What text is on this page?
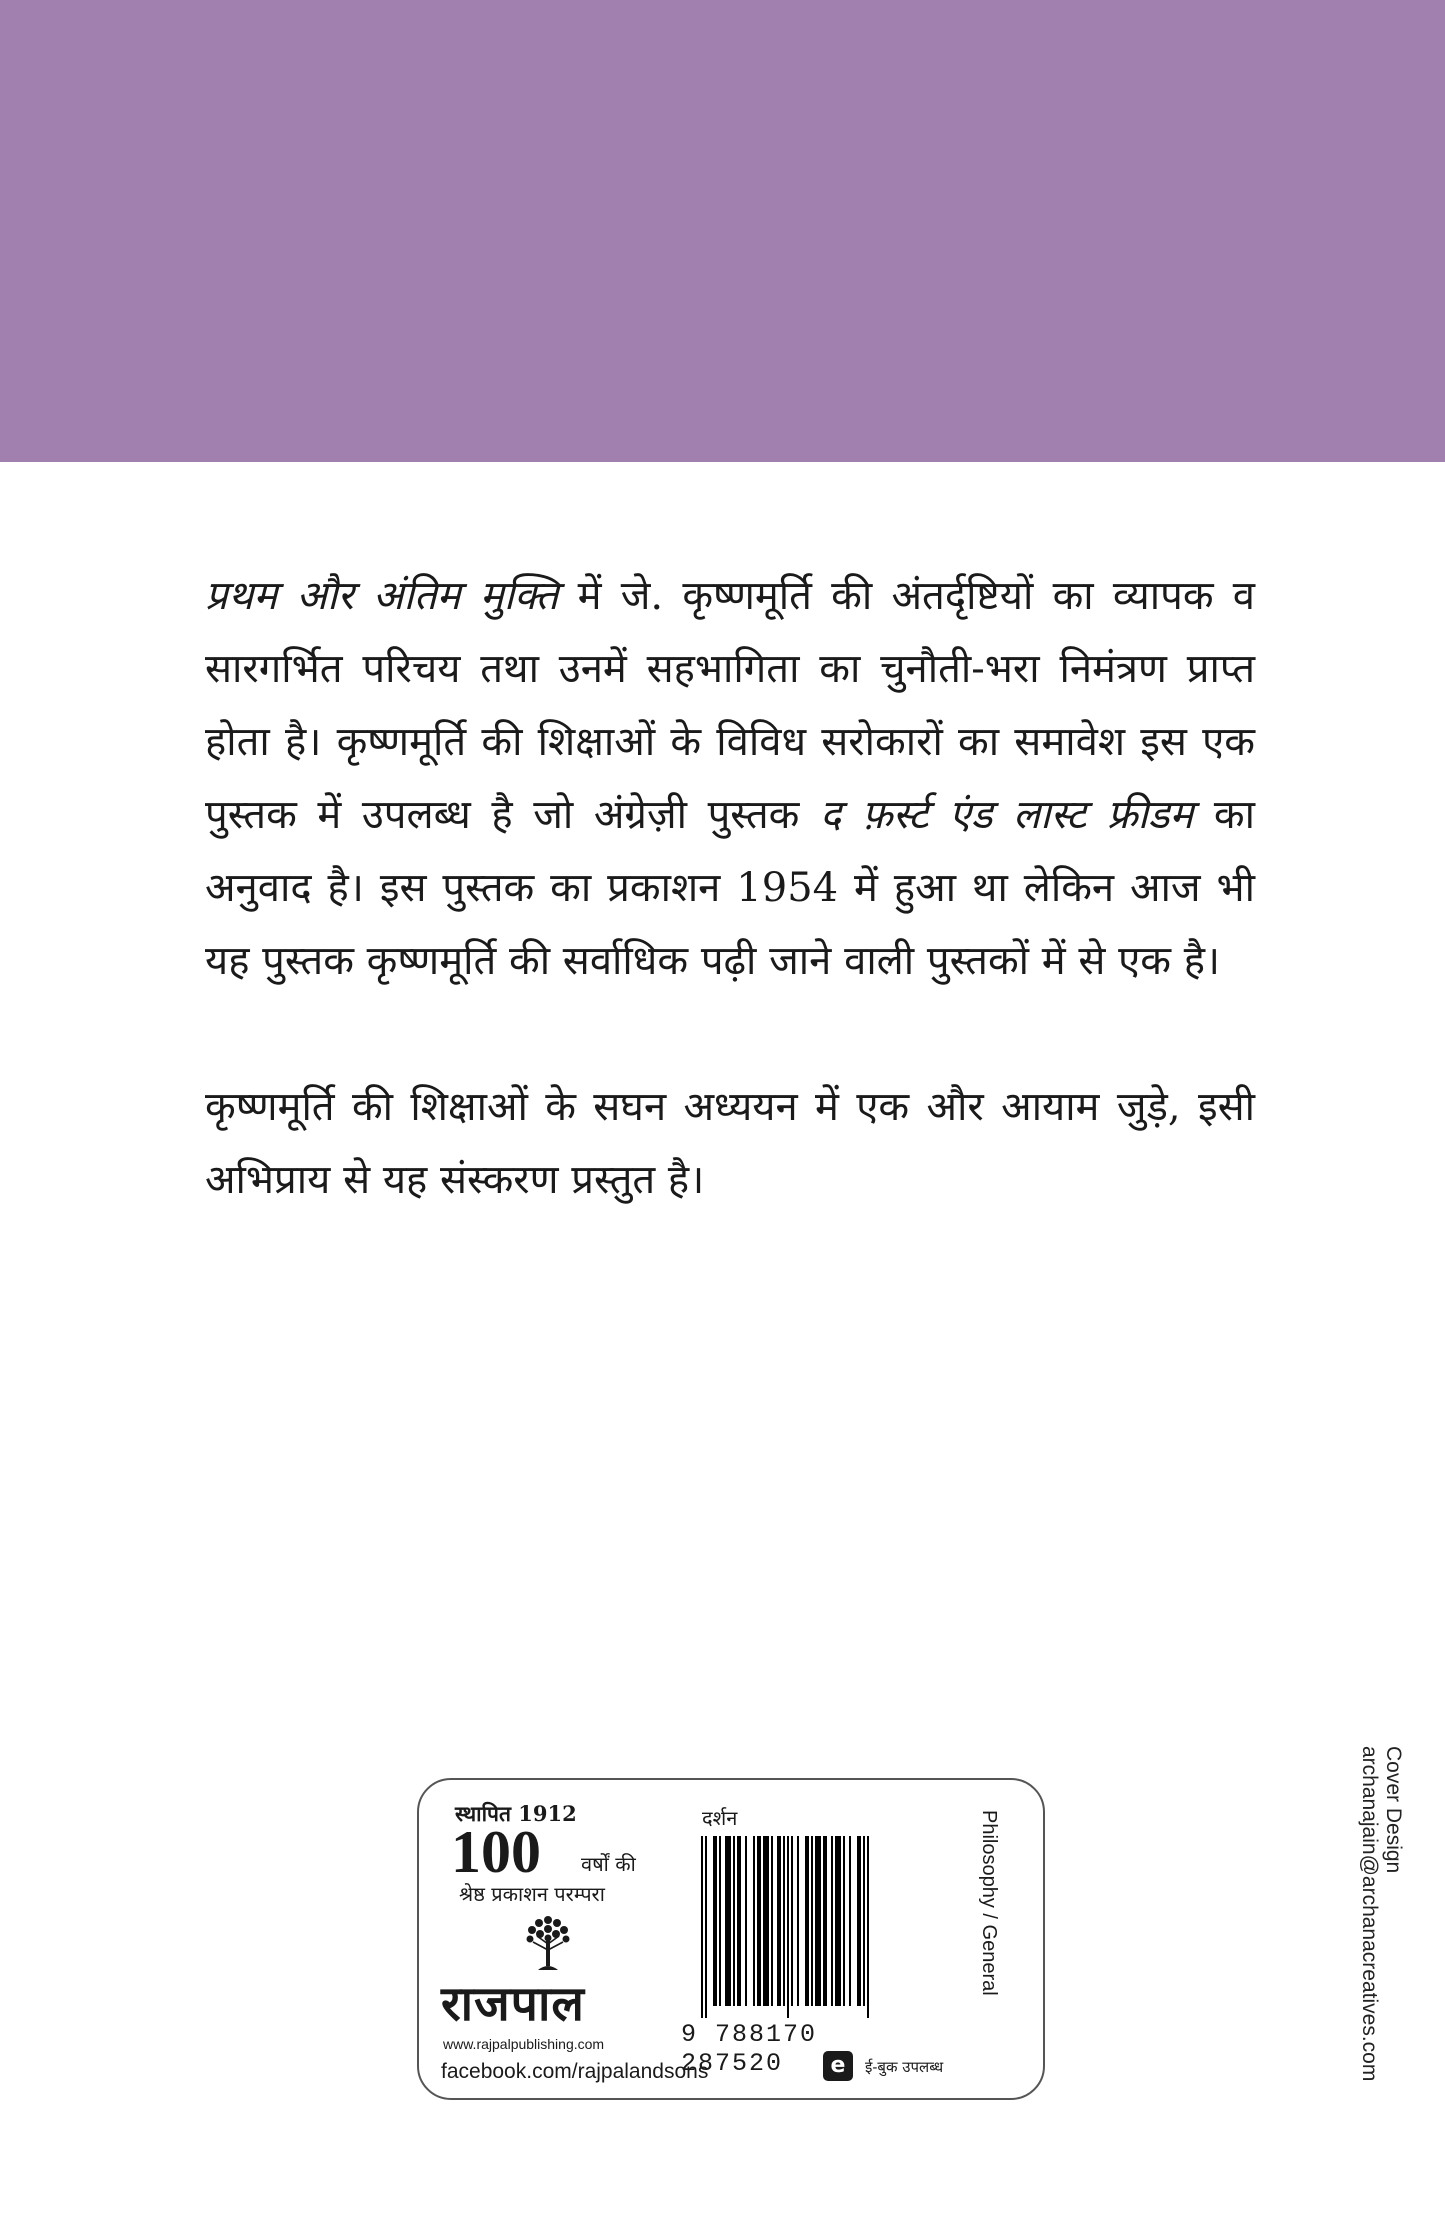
प्रथम और अंतिम मुक्ति में जे. कृष्णमूर्ति की अंतर्दृष्टियों का व्यापक व सारगर्भित परिचय तथा उनमें सहभागिता का चुनौती-भरा निमंत्रण प्राप्त होता है। कृष्णमूर्ति की शिक्षाओं के विविध सरोकारों का समावेश इस एक पुस्तक में उपलब्ध है जो अंग्रेज़ी पुस्तक द फ़र्स्ट एंड लास्ट फ्रीडम का अनुवाद है। इस पुस्तक का प्रकाशन 1954 में हुआ था लेकिन आज भी यह पुस्तक कृष्णमूर्ति की सर्वाधिक पढ़ी जाने वाली पुस्तकों में से एक है।

कृष्णमूर्ति की शिक्षाओं के सघन अध्ययन में एक और आयाम जुड़े, इसी अभिप्राय से यह संस्करण प्रस्तुत है।

Cover Design
archanajain@archanacreatives.com
स्थापित 1912
100 वर्षों की
श्रेष्ठ प्रकाशन परम्परा
राजपाल
www.rajpalpublishing.com
facebook.com/rajpalandsons
दर्शन
9 788170 287520	e	ई-बुक उपलब्ध
Philosophy / General
